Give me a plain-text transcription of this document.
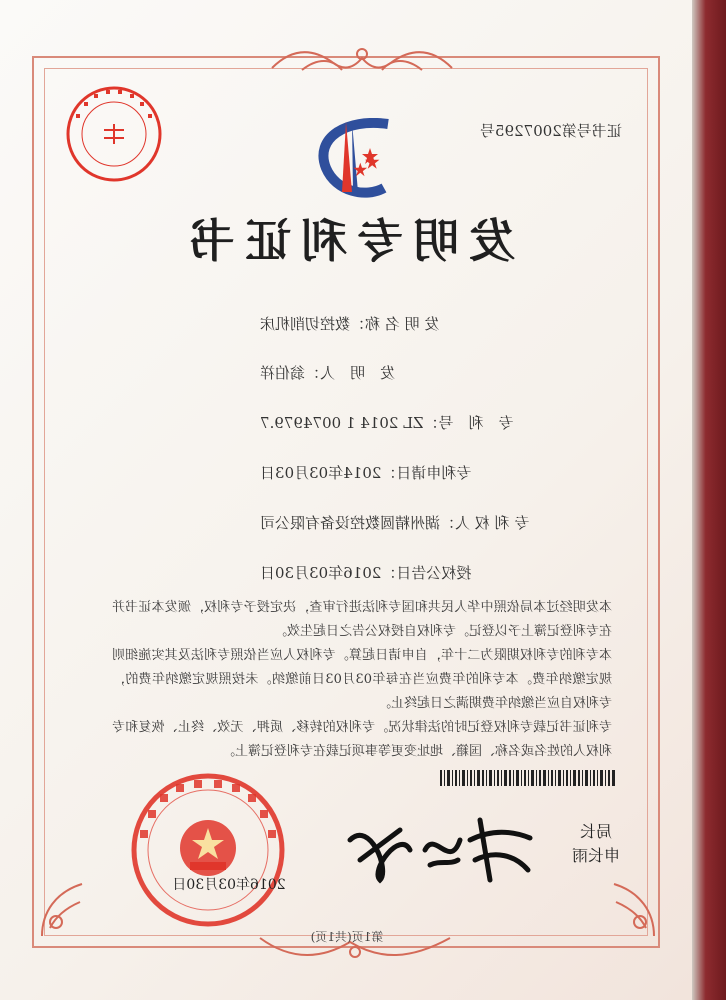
证书号第2007295号
发明专利证书
发 明 名 称：数控切削机床
发　明　人：翁伯祥
专　利　号：ZL 2014 1 0074979.7
专利申请日：2014年03月03日
专 利 权 人：湖州精圆数控设备有限公司
授权公告日：2016年03月30日

本发明经过本局依照中华人民共和国专利法进行审查，决定授予专利权，颁发本证书并在专利登记簿上予以登记。专利权自授权公告之日起生效。

本专利的专利权期限为二十年，自申请日起算。专利权人应当依照专利法及其实施细则规定缴纳年费。本专利的年费应当在每年03月03日前缴纳。未按照规定缴纳年费的，专利权自应当缴纳年费期满之日起终止。

专利证书记载专利权登记时的法律状况。专利权的转移、质押、无效、终止、恢复和专利权人的姓名或名称、国籍、地址变更等事项记载在专利登记簿上。

局长
申长雨
2016年03月30日
第1页(共1页)
